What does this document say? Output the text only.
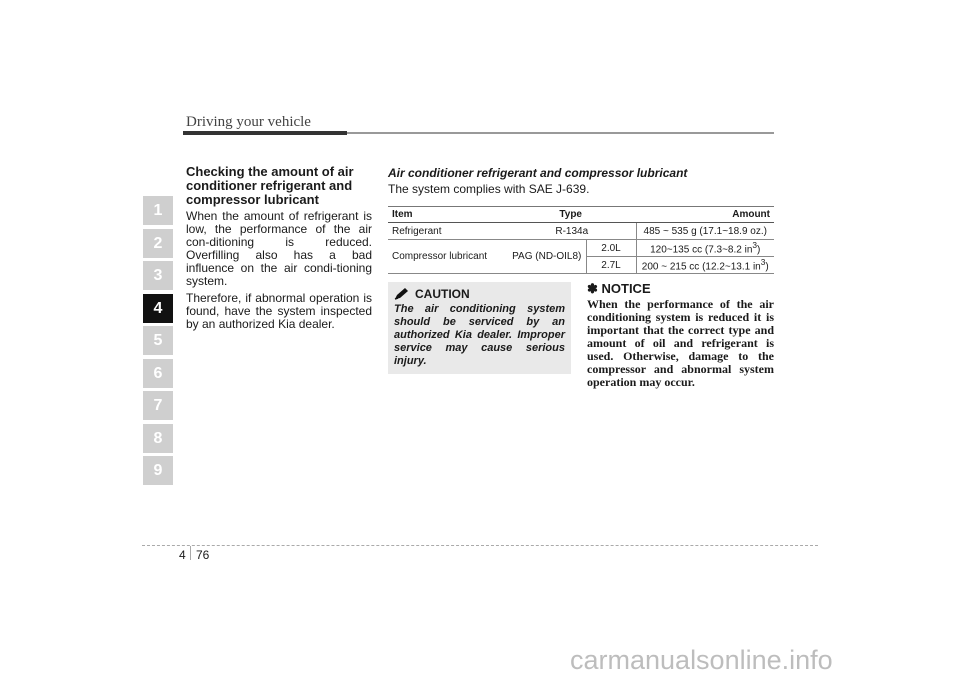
Driving your vehicle
1
2
3
4
5
6
7
8
9
Checking the amount of air conditioner refrigerant and compressor lubricant

When the amount of refrigerant is low, the performance of the air con-ditioning is reduced. Overfilling also has a bad influence on the air condi-tioning system.

Therefore, if abnormal operation is found, have the system inspected by an authorized Kia dealer.

Air conditioner refrigerant and compressor lubricant
The system complies with SAE J-639.
Item	Type		Amount
Refrigerant	R-134a		485 ~ 535 g (17.1~18.9 oz.)
Compressor lubricant	PAG (ND-OIL8)	2.0L	120~135 cc (7.3~8.2 $in^3$)
		2.7L	200 ~ 215 cc (12.2~13.1 $in^3$)
CAUTION
The air conditioning system should be serviced by an authorized Kia dealer. Improper service may cause serious injury.
✽ NOTICE
When the performance of the air conditioning system is reduced it is important that the correct type and amount of oil and refrigerant is used. Otherwise, damage to the compressor and abnormal system operation may occur.
4 76
carmanualsonline.info
